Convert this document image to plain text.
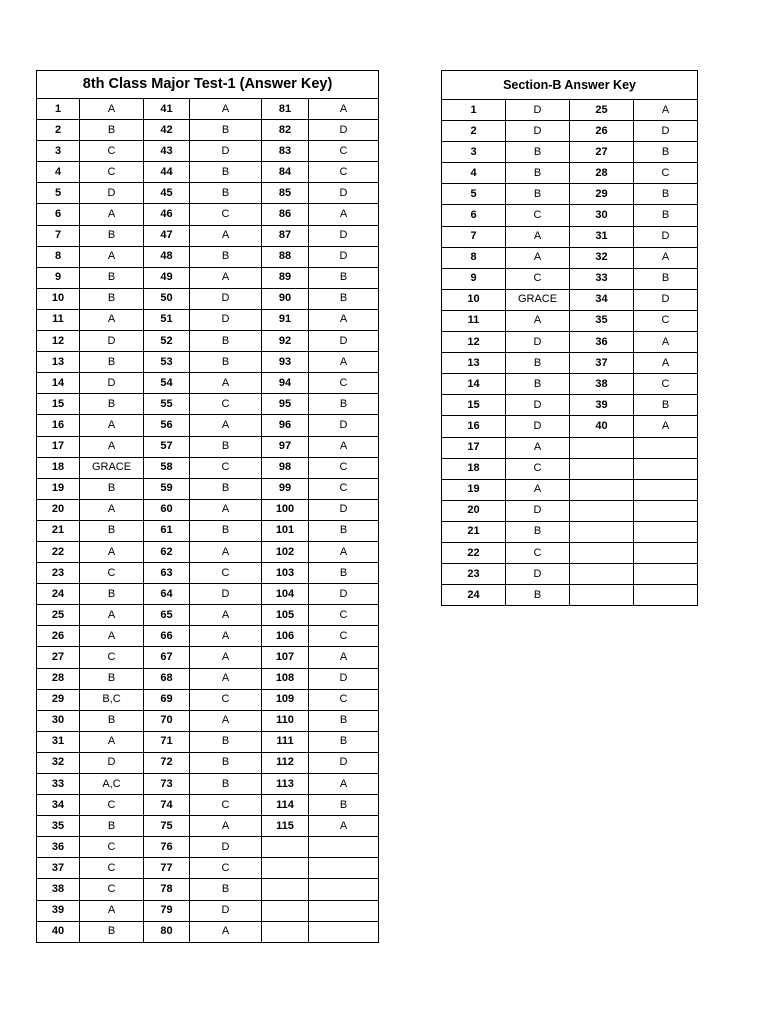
8th Class Major Test-1 (Answer Key)					
1	A	41	A	81	A
2	B	42	B	82	D
3	C	43	D	83	C
4	C	44	B	84	C
5	D	45	B	85	D
6	A	46	C	86	A
7	B	47	A	87	D
8	A	48	B	88	D
9	B	49	A	89	B
10	B	50	D	90	B
11	A	51	D	91	A
12	D	52	B	92	D
13	B	53	B	93	A
14	D	54	A	94	C
15	B	55	C	95	B
16	A	56	A	96	D
17	A	57	B	97	A
18	GRACE	58	C	98	C
19	B	59	B	99	C
20	A	60	A	100	D
21	B	61	B	101	B
22	A	62	A	102	A
23	C	63	C	103	B
24	B	64	D	104	D
25	A	65	A	105	C
26	A	66	A	106	C
27	C	67	A	107	A
28	B	68	A	108	D
29	B,C	69	C	109	C
30	B	70	A	110	B
31	A	71	B	111	B
32	D	72	B	112	D
33	A,C	73	B	113	A
34	C	74	C	114	B
35	B	75	A	115	A
36	C	76	D		
37	C	77	C		
38	C	78	B		
39	A	79	D		
40	B	80	A		
Section-B Answer Key			
1	D	25	A
2	D	26	D
3	B	27	B
4	B	28	C
5	B	29	B
6	C	30	B
7	A	31	D
8	A	32	A
9	C	33	B
10	GRACE	34	D
11	A	35	C
12	D	36	A
13	B	37	A
14	B	38	C
15	D	39	B
16	D	40	A
17	A		
18	C		
19	A		
20	D		
21	B		
22	C		
23	D		
24	B		
